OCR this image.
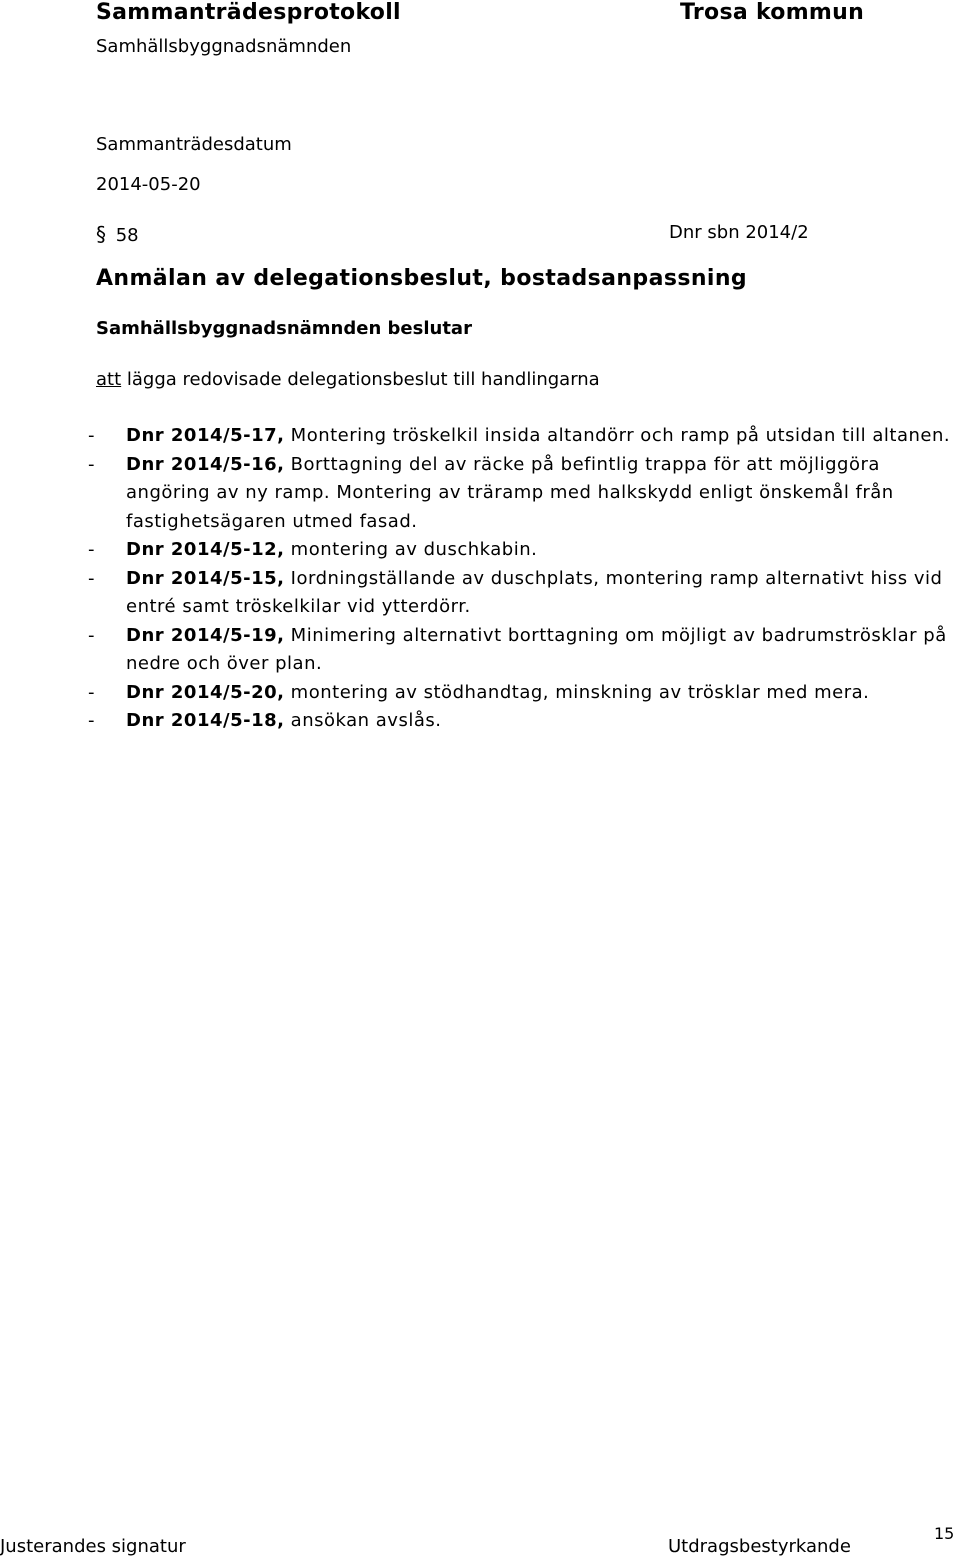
Sammanträdesprotokoll	Trosa kommun
Samhällsbyggnadsnämnden
Sammanträdesdatum
2014-05-20
§ 58	Dnr sbn 2014/2
Anmälan av delegationsbeslut, bostadsanpassning
Samhällsbyggnadsnämnden beslutar
att lägga redovisade delegationsbeslut till handlingarna
- Dnr 2014/5-17, Montering tröskelkil insida altandörr och ramp på utsidan till altanen.
- Dnr 2014/5-16, Borttagning del av räcke på befintlig trappa för att möjliggöra angöring av ny ramp. Montering av träramp med halkskydd enligt önskemål från fastighetsägaren utmed fasad.
- Dnr 2014/5-12, montering av duschkabin.
- Dnr 2014/5-15, Iordningställande av duschplats, montering ramp alternativt hiss vid entré samt tröskelkilar vid ytterdörr.
- Dnr 2014/5-19, Minimering alternativt borttagning om möjligt av badrumströsklar på nedre och över plan.
- Dnr 2014/5-20, montering av stödhandtag, minskning av trösklar med mera.
- Dnr 2014/5-18, ansökan avslås.
Justerandes signatur	Utdragsbestyrkande
15
